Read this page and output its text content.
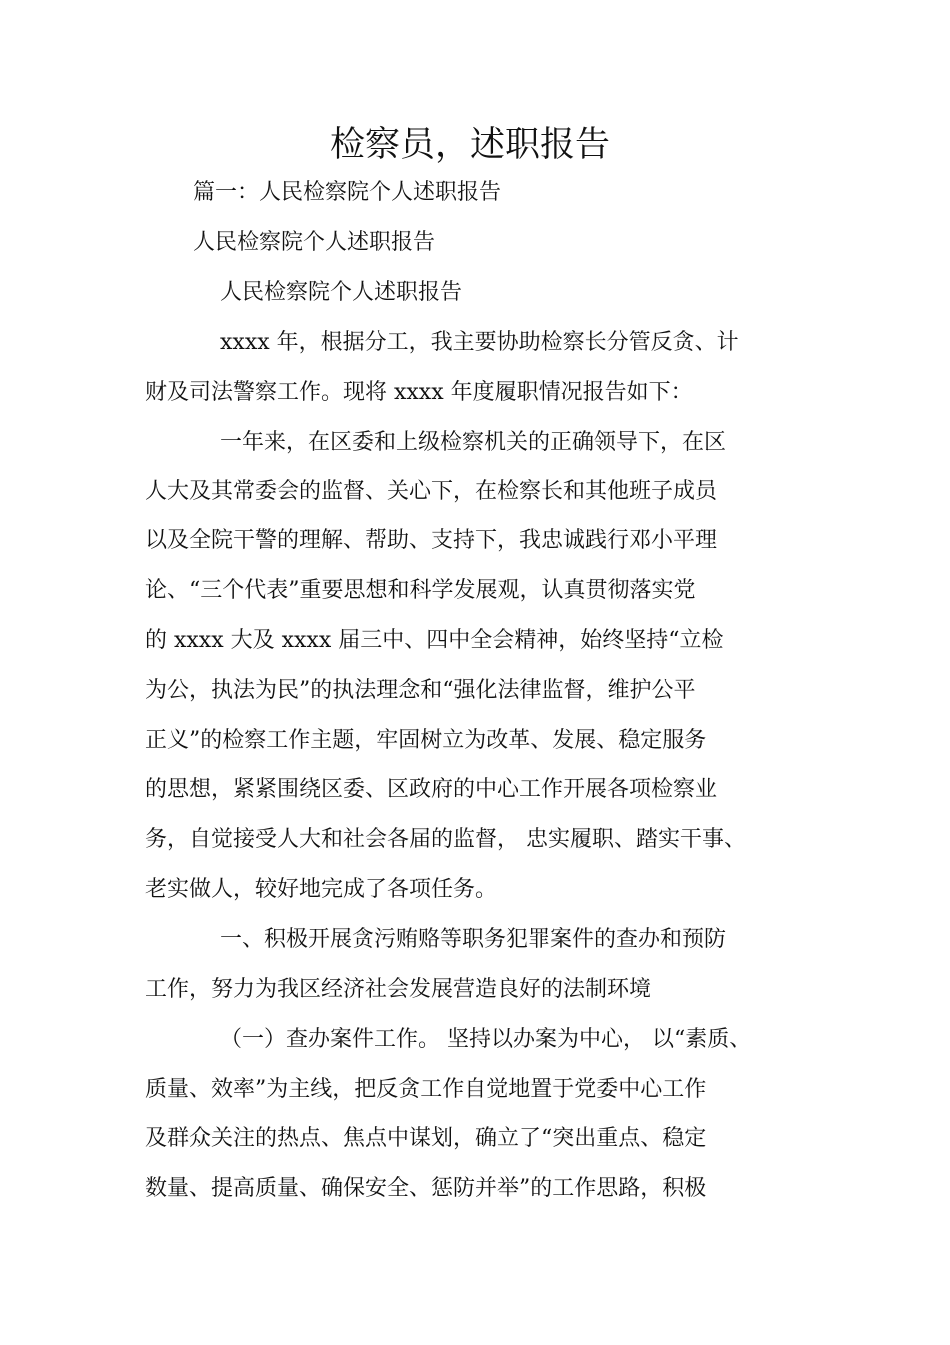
检察员，述职报告
篇一：人民检察院个人述职报告
人民检察院个人述职报告
人民检察院个人述职报告
xxxx 年，根据分工，我主要协助检察长分管反贪、计
财及司法警察工作。现将 xxxx 年度履职情况报告如下：
一年来，在区委和上级检察机关的正确领导下，在区
人大及其常委会的监督、关心下，在检察长和其他班子成员
以及全院干警的理解、帮助、支持下，我忠诚践行邓小平理
论、“三个代表”重要思想和科学发展观，认真贯彻落实党
的 xxxx 大及 xxxx 届三中、四中全会精神，始终坚持“立检
为公，执法为民”的执法理念和“强化法律监督，维护公平
正义”的检察工作主题，牢固树立为改革、发展、稳定服务
的思想，紧紧围绕区委、区政府的中心工作开展各项检察业
务，自觉接受人大和社会各届的监督， 忠实履职、踏实干事、
老实做人，较好地完成了各项任务。
一、积极开展贪污贿赂等职务犯罪案件的查办和预防
工作，努力为我区经济社会发展营造良好的法制环境
（一）查办案件工作。 坚持以办案为中心， 以“素质、
质量、效率”为主线，把反贪工作自觉地置于党委中心工作
及群众关注的热点、焦点中谋划，确立了“突出重点、稳定
数量、提高质量、确保安全、惩防并举”的工作思路，积极
